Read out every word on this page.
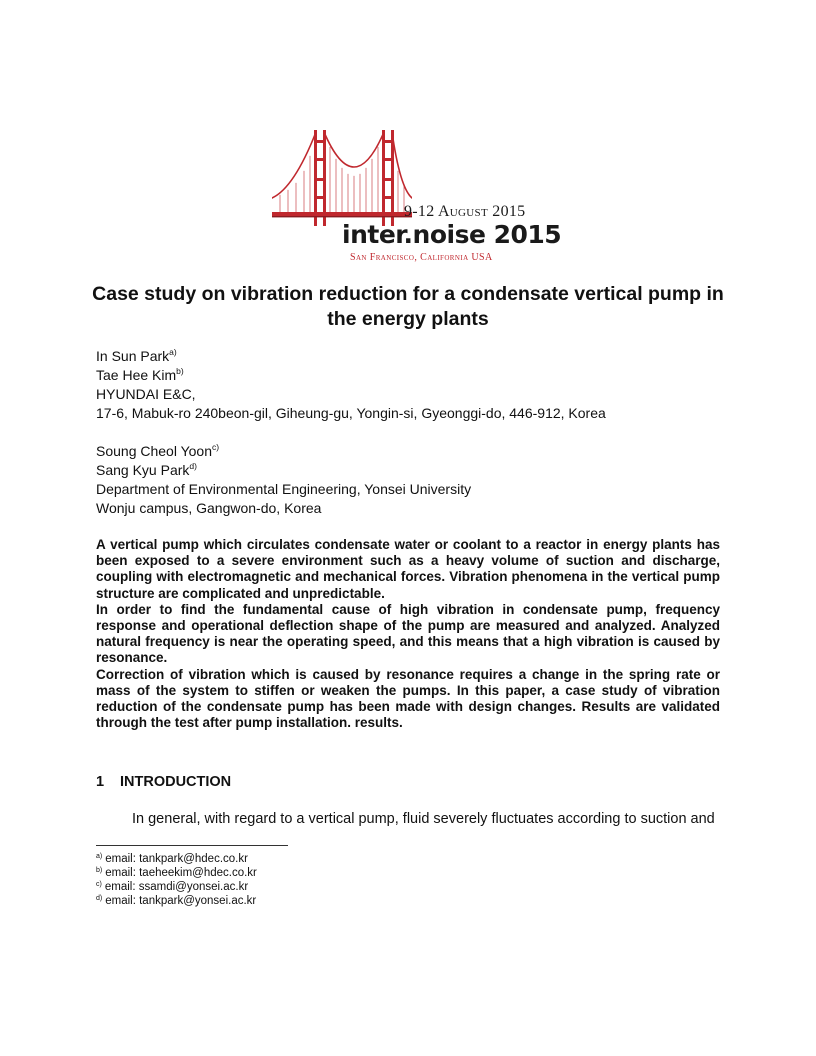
9-12 August 2015
inter.noise 2015
San Francisco, California USA
Case study on vibration reduction for a condensate vertical pump in the energy plants
In Sun Park$^{a)}$
Tae Hee Kim$^{b)}$
HYUNDAI E&C,
17-6, Mabuk-ro 240beon-gil, Giheung-gu, Yongin-si, Gyeonggi-do, 446-912, Korea
Soung Cheol Yoon$^{c)}$
Sang Kyu Park$^{d)}$
Department of Environmental Engineering, Yonsei University
Wonju campus, Gangwon-do, Korea

A vertical pump which circulates condensate water or coolant to a reactor in energy plants has been exposed to a severe environment such as a heavy volume of suction and discharge, coupling with electromagnetic and mechanical forces. Vibration phenomena in the vertical pump structure are complicated and unpredictable.

In order to find the fundamental cause of high vibration in condensate pump, frequency response and operational deflection shape of the pump are measured and analyzed. Analyzed natural frequency is near the operating speed, and this means that a high vibration is caused by resonance.

Correction of vibration which is caused by resonance requires a change in the spring rate or mass of the system to stiffen or weaken the pumps. In this paper, a case study of vibration reduction of the condensate pump has been made with design changes. Results are validated through the test after pump installation. results.

1 INTRODUCTION
In general, with regard to a vertical pump, fluid severely fluctuates according to suction and
$^{a)}$ email: tankpark@hdec.co.kr
$^{b)}$ email: taeheekim@hdec.co.kr
$^{c)}$ email: ssamdi@yonsei.ac.kr
$^{d)}$ email: tankpark@yonsei.ac.kr
